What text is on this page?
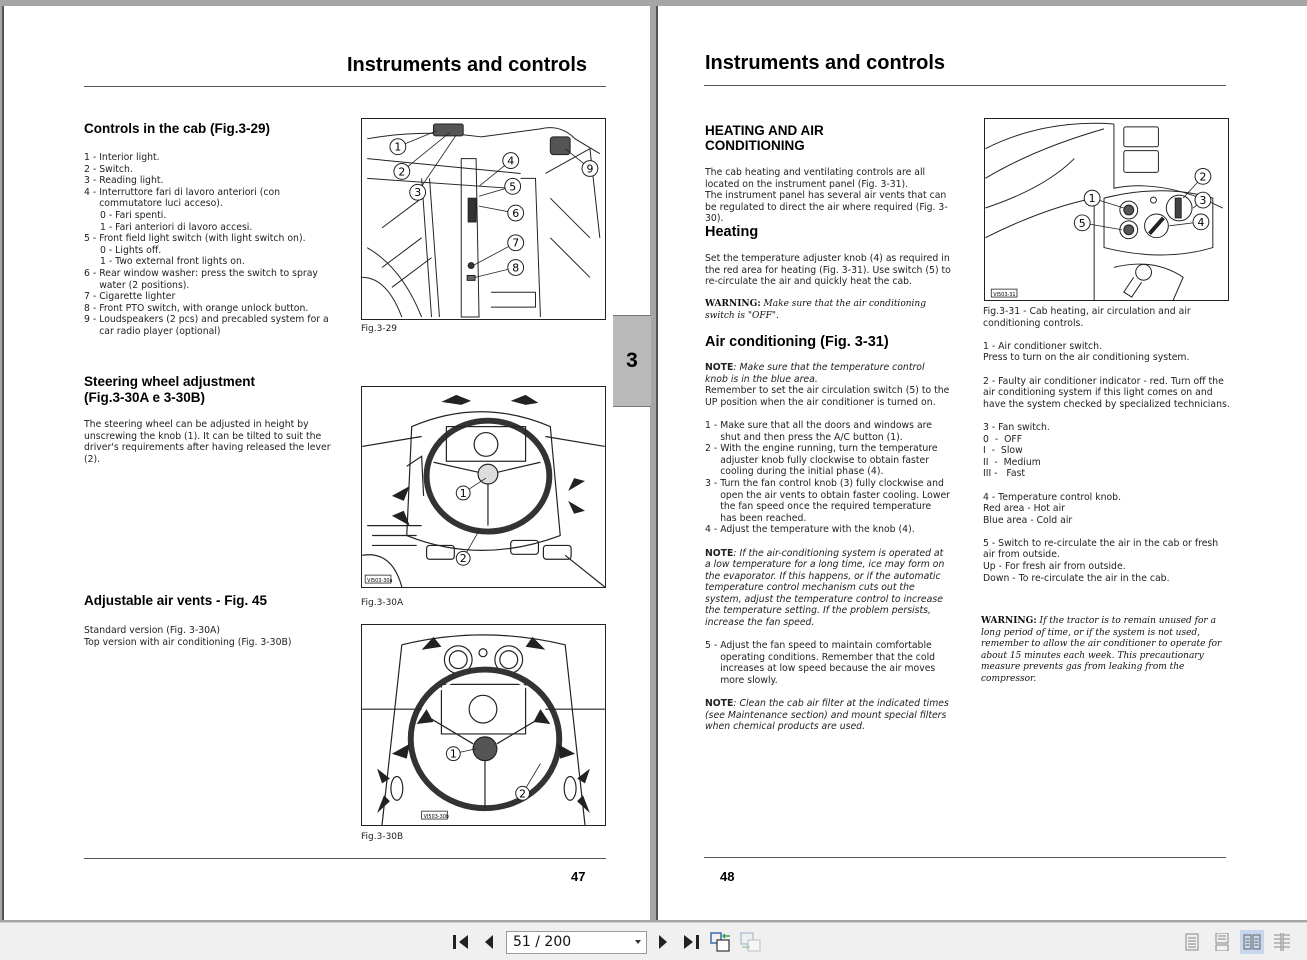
Instruments and controls
Controls in the cab (Fig.3-29)
1 - Interior light.
2 - Switch.
3 - Reading light.
4 - Interruttore fari di lavoro anteriori (con commutatore luci acceso).
0 - Fari spenti.
1 - Fari anteriori di lavoro accesi.
5 - Front field light switch (with light switch on).
0 - Lights off.
1 - Two external front lights on.
6 - Rear window washer: press the switch to spray water (2 positions).
7 - Cigarette lighter
8 - Front PTO switch, with orange unlock button.
9 - Loudspeakers (2 pcs) and precabled system for a car radio player (optional)
1
2
3
4
5
6
7
8
9
Fig.3-29
Steering wheel adjustment
(Fig.3-30A e 3-30B)
The steering wheel can be adjusted in height by unscrewing the knob (1). It can be tilted to suit the driver's requirements after having released the lever (2).
VI503-30a
1
2
Fig.3-30A
Adjustable air vents - Fig. 45
Standard version (Fig. 3-30A)
Top version with air conditioning (Fig. 3-30B)
VI503-30b
1
2
Fig.3-30B
47
3
Instruments and controls
HEATING AND AIR
CONDITIONING
The cab heating and ventilating controls are all located on the instrument panel (Fig. 3-31).
The instrument panel has several air vents that can be regulated to direct the air where required (Fig. 3-30).
Heating
Set the temperature adjuster knob (4) as required in the red area for heating (Fig. 3-31). Use switch (5) to re-circulate the air and quickly heat the cab.
WARNING: Make sure that the air conditioning switch is "OFF".
Air conditioning (Fig. 3-31)
NOTE: Make sure that the temperature control knob is in the blue area.
Remember to set the air circulation switch (5) to the UP position when the air conditioner is turned on.
1 - Make sure that all the doors and windows are shut and then press the A/C button (1).
2 - With the engine running, turn the temperature adjuster knob fully clockwise to obtain faster cooling during the initial phase (4).
3 - Turn the fan control knob (3) fully clockwise and open the air vents to obtain faster cooling. Lower the fan speed once the required temperature has been reached.
4 - Adjust the temperature with the knob (4).
NOTE: If the air-conditioning system is operated at a low temperature for a long time, ice may form on the evaporator. If this happens, or if the automatic temperature control mechanism cuts out the system, adjust the temperature control to increase the temperature setting. If the problem persists, increase the fan speed.
5 - Adjust the fan speed to maintain comfortable operating conditions. Remember that the cold increases at low speed because the air moves more slowly.
NOTE: Clean the cab air filter at the indicated times (see Maintenance section) and mount special filters when chemical products are used.
VI503-31
1
2
3
4
5
Fig.3-31 - Cab heating, air circulation and air conditioning controls.
1 - Air conditioner switch.
Press to turn on the air conditioning system.
2 - Faulty air conditioner indicator - red. Turn off the air conditioning system if this light comes on and have the system checked by specialized technicians.
3 - Fan switch.
0  -  OFF
I  -  Slow
II  -  Medium
III -   Fast
4 - Temperature control knob.
Red area - Hot air
Blue area - Cold air
5 - Switch to re-circulate the air in the cab or fresh air from outside.
Up - For fresh air from outside.
Down - To re-circulate the air in the cab.
WARNING: If the tractor is to remain unused for a long period of time, or if the system is not used, remember to allow the air conditioner to operate for about 15 minutes each week. This precautionary measure prevents gas from leaking from the compressor.
48
51 / 200
